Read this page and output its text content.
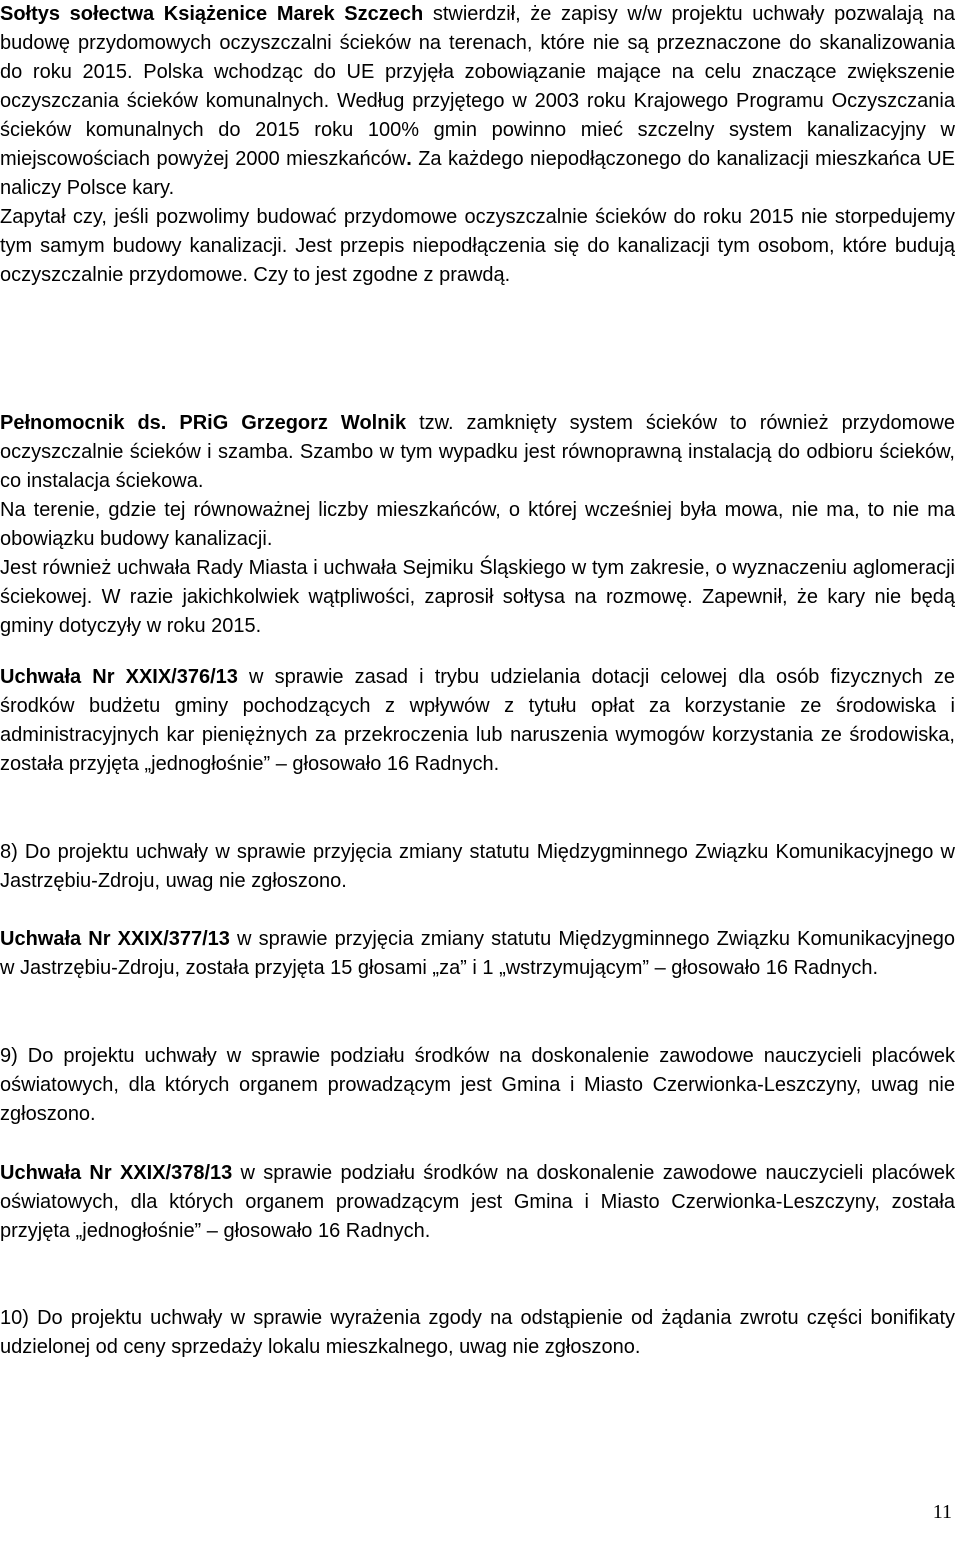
Sołtys sołectwa Książenice Marek Szczech stwierdził, że zapisy w/w projektu uchwały pozwalają na budowę przydomowych oczyszczalni ścieków na terenach, które nie są przeznaczone do skanalizowania do roku 2015. Polska wchodząc do UE przyjęła zobowiązanie mające na celu znaczące zwiększenie oczyszczania ścieków komunalnych. Według przyjętego w 2003 roku Krajowego Programu Oczyszczania ścieków komunalnych do 2015 roku 100% gmin powinno mieć szczelny system kanalizacyjny w miejscowościach powyżej 2000 mieszkańców. Za każdego niepodłączonego do kanalizacji mieszkańca UE naliczy Polsce kary.

Zapytał czy, jeśli pozwolimy budować przydomowe oczyszczalnie ścieków do roku 2015 nie storpedujemy tym samym budowy kanalizacji. Jest przepis niepodłączenia się do kanalizacji tym osobom, które budują oczyszczalnie przydomowe. Czy to jest zgodne z prawdą.

Pełnomocnik ds. PRiG Grzegorz Wolnik tzw. zamknięty system ścieków to również przydomowe oczyszczalnie ścieków i szamba. Szambo w tym wypadku jest równoprawną instalacją do odbioru ścieków, co instalacja ściekowa.

Na terenie, gdzie tej równoważnej liczby mieszkańców, o której wcześniej była mowa, nie ma, to nie ma obowiązku budowy kanalizacji.

Jest również uchwała Rady Miasta i uchwała Sejmiku Śląskiego w tym zakresie, o wyznaczeniu aglomeracji ściekowej. W razie jakichkolwiek wątpliwości, zaprosił sołtysa na rozmowę. Zapewnił, że kary nie będą gminy dotyczyły w roku 2015.

Uchwała Nr XXIX/376/13 w sprawie zasad i trybu udzielania dotacji celowej dla osób fizycznych ze środków budżetu gminy pochodzących z wpływów z tytułu opłat za korzystanie ze środowiska i administracyjnych kar pieniężnych za przekroczenia lub naruszenia wymogów korzystania ze środowiska, została przyjęta „jednogłośnie” – głosowało 16 Radnych.

8) Do projektu uchwały w sprawie przyjęcia zmiany statutu Międzygminnego Związku Komunikacyjnego w Jastrzębiu-Zdroju, uwag nie zgłoszono.

Uchwała Nr XXIX/377/13 w sprawie przyjęcia zmiany statutu Międzygminnego Związku Komunikacyjnego w Jastrzębiu-Zdroju, została przyjęta 15 głosami „za” i 1 „wstrzymującym” – głosowało 16 Radnych.

9) Do projektu uchwały w sprawie podziału środków na doskonalenie zawodowe nauczycieli placówek oświatowych, dla których organem prowadzącym jest Gmina i Miasto Czerwionka-Leszczyny, uwag nie zgłoszono.

Uchwała Nr XXIX/378/13 w sprawie podziału środków na doskonalenie zawodowe nauczycieli placówek oświatowych, dla których organem prowadzącym jest Gmina i Miasto Czerwionka-Leszczyny, została przyjęta „jednogłośnie” – głosowało 16 Radnych.

10) Do projektu uchwały w sprawie wyrażenia zgody na odstąpienie od żądania zwrotu części bonifikaty udzielonej od ceny sprzedaży lokalu mieszkalnego, uwag nie zgłoszono.

11
